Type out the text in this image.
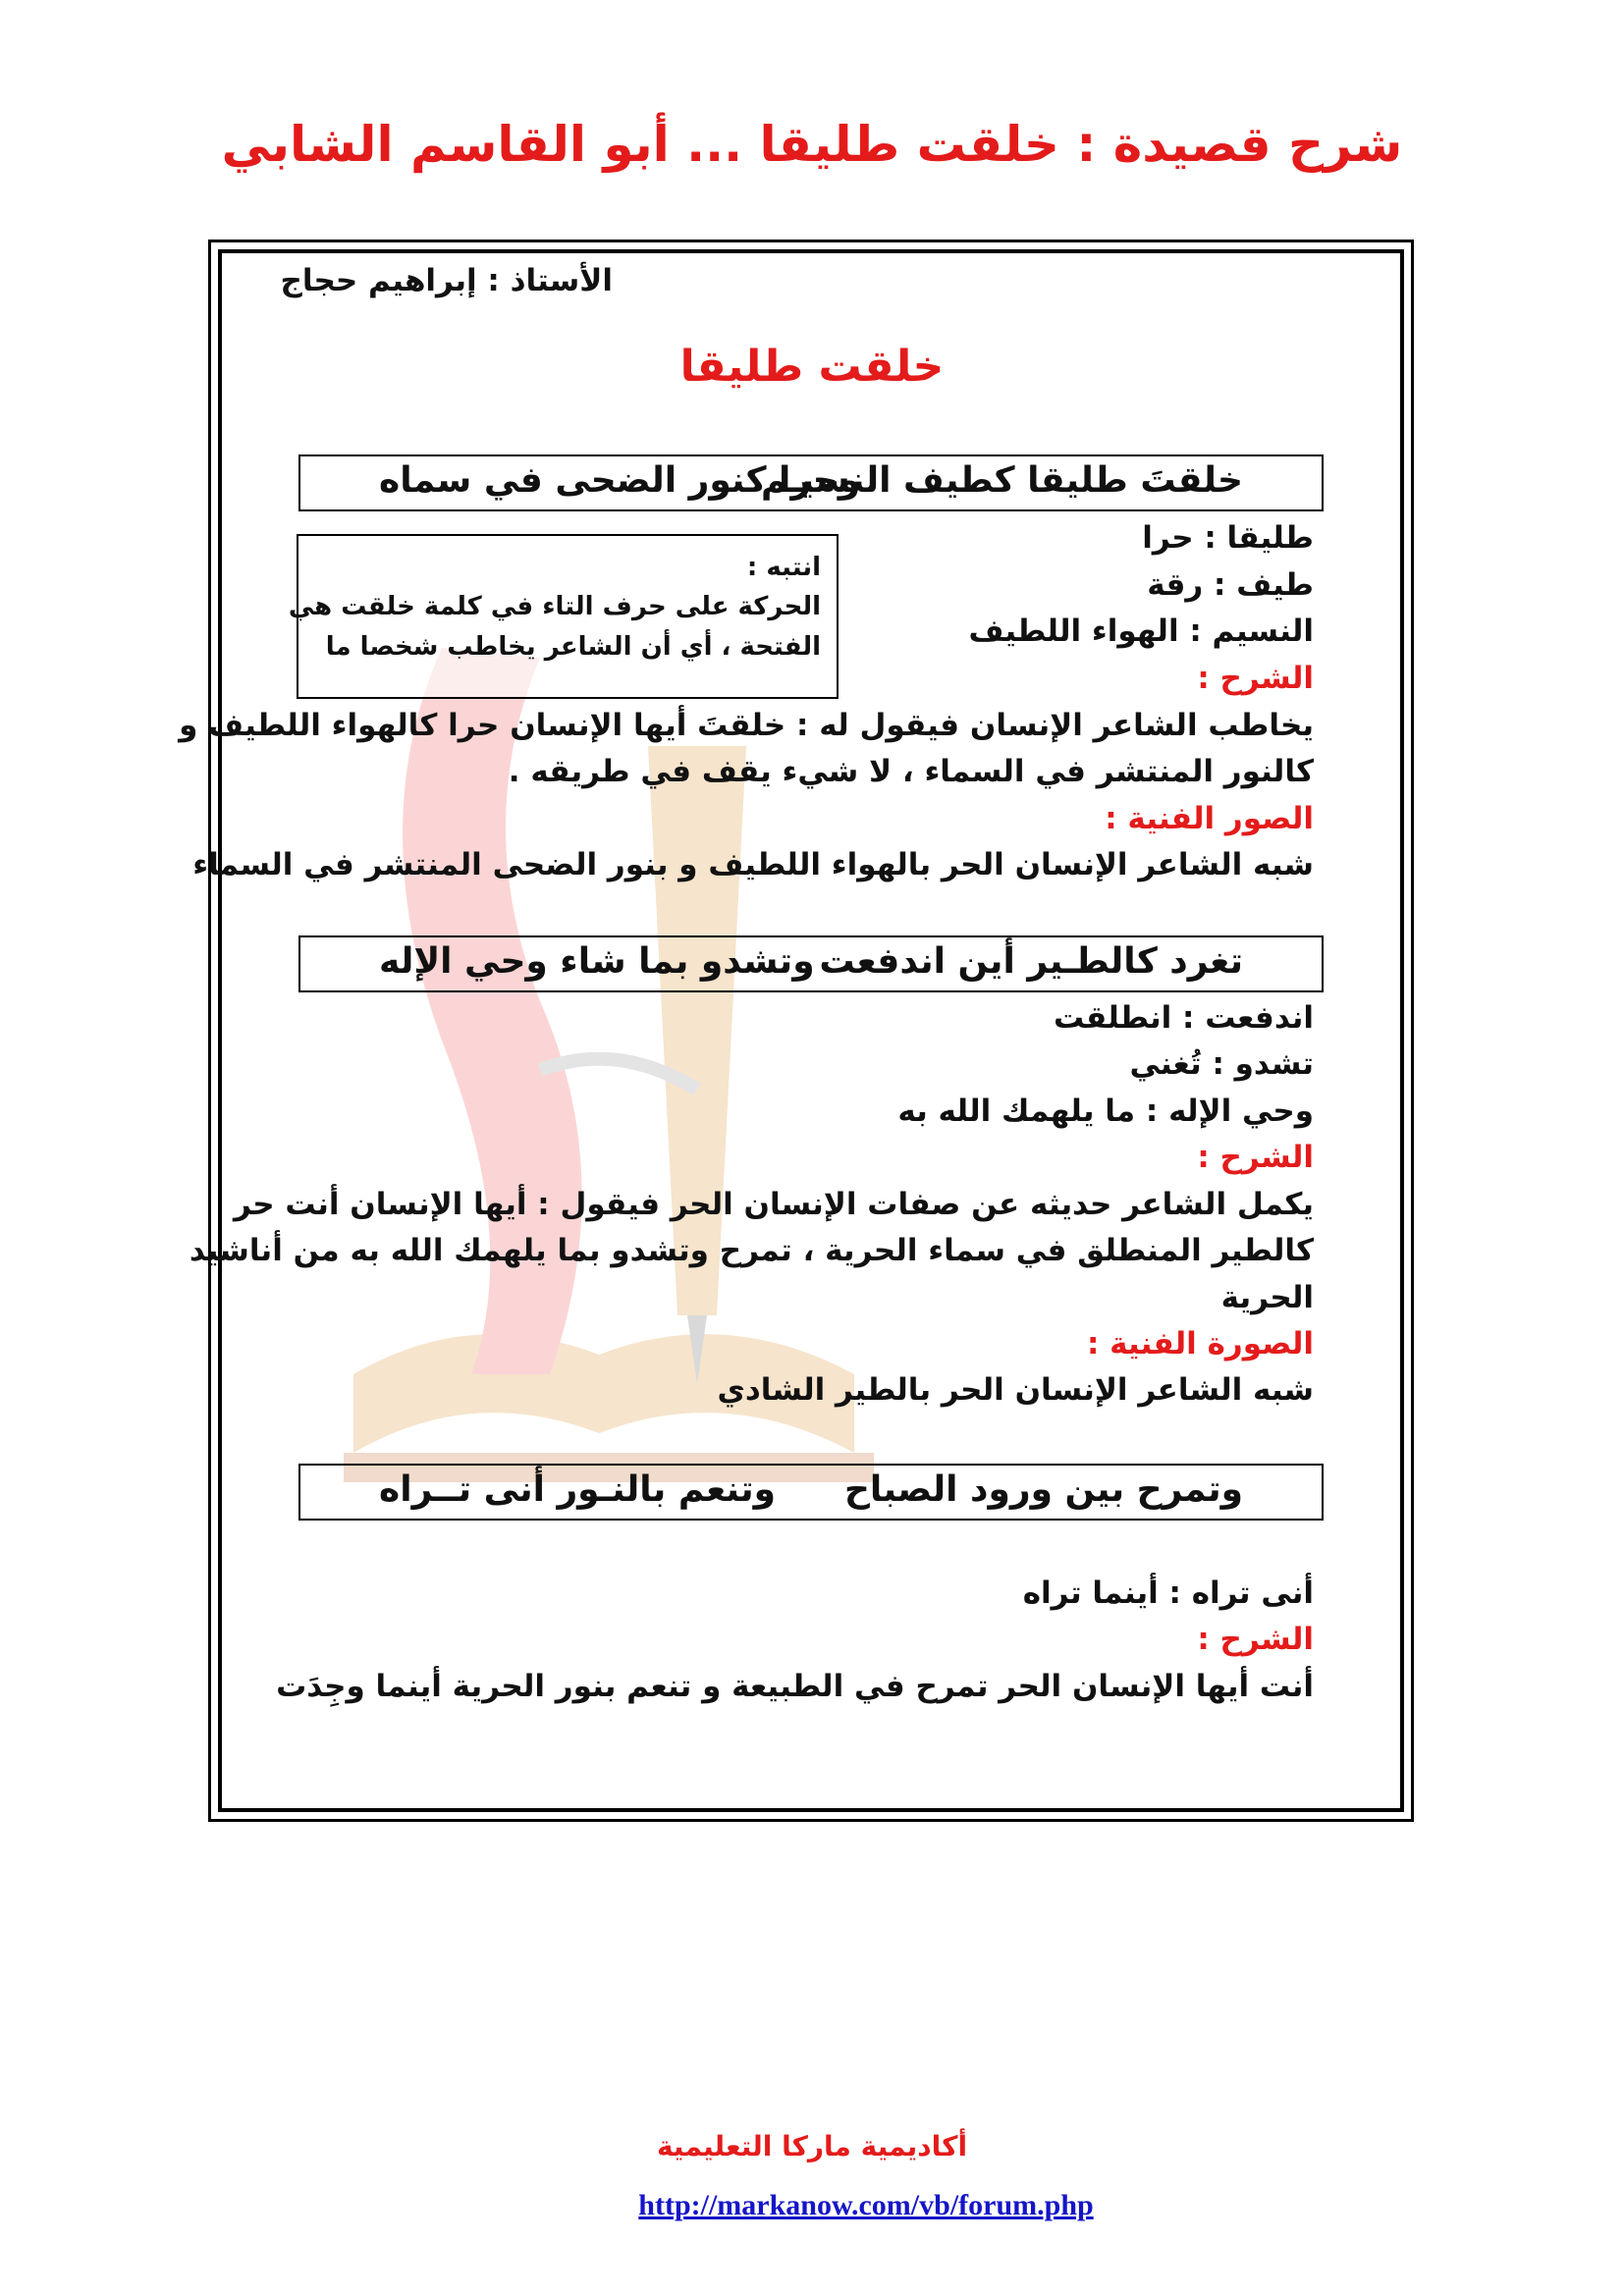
شرح قصيدة : خلقت طليقا ... أبو القاسم الشابي
الأستاذ : إبراهيم حجاج
خلقت طليقا
خلقتَ طليقا كطيف النسيـم
وحرا كنور الضحى في سماه
طليقا : حرا
طيف : رقة
النسيم : الهواء اللطيف
الشرح :
يخاطب الشاعر الإنسان فيقول له : خلقتَ أيها الإنسان حرا كالهواء اللطيف و
كالنور المنتشر في السماء ، لا شيء يقف في طريقه .
الصور الفنية :
شبه الشاعر الإنسان الحر بالهواء اللطيف و بنور الضحى المنتشر في السماء
انتبه :
الحركة على حرف التاء في كلمة خلقت هي
الفتحة ، أي أن الشاعر يخاطب شخصا ما
تغرد كالطـير أين اندفعت
وتشدو بما شاء وحي الإله
اندفعت : انطلقت
تشدو : تُغني
وحي الإله : ما يلهمك الله به
الشرح :
يكمل الشاعر حديثه عن صفات الإنسان الحر فيقول : أيها الإنسان أنت حر
كالطير المنطلق في سماء الحرية ، تمرح وتشدو بما يلهمك الله به من أناشيد
الحرية
الصورة الفنية :
شبه الشاعر الإنسان الحر بالطير الشادي
وتمرح بين ورود الصباح
وتنعم بالنـور أنى تــراه
أنى تراه : أينما تراه
الشرح :
أنت أيها الإنسان الحر تمرح في الطبيعة و تنعم بنور الحرية أينما وجِدَت
أكاديمية ماركا التعليمية
http://markanow.com/vb/forum.php
